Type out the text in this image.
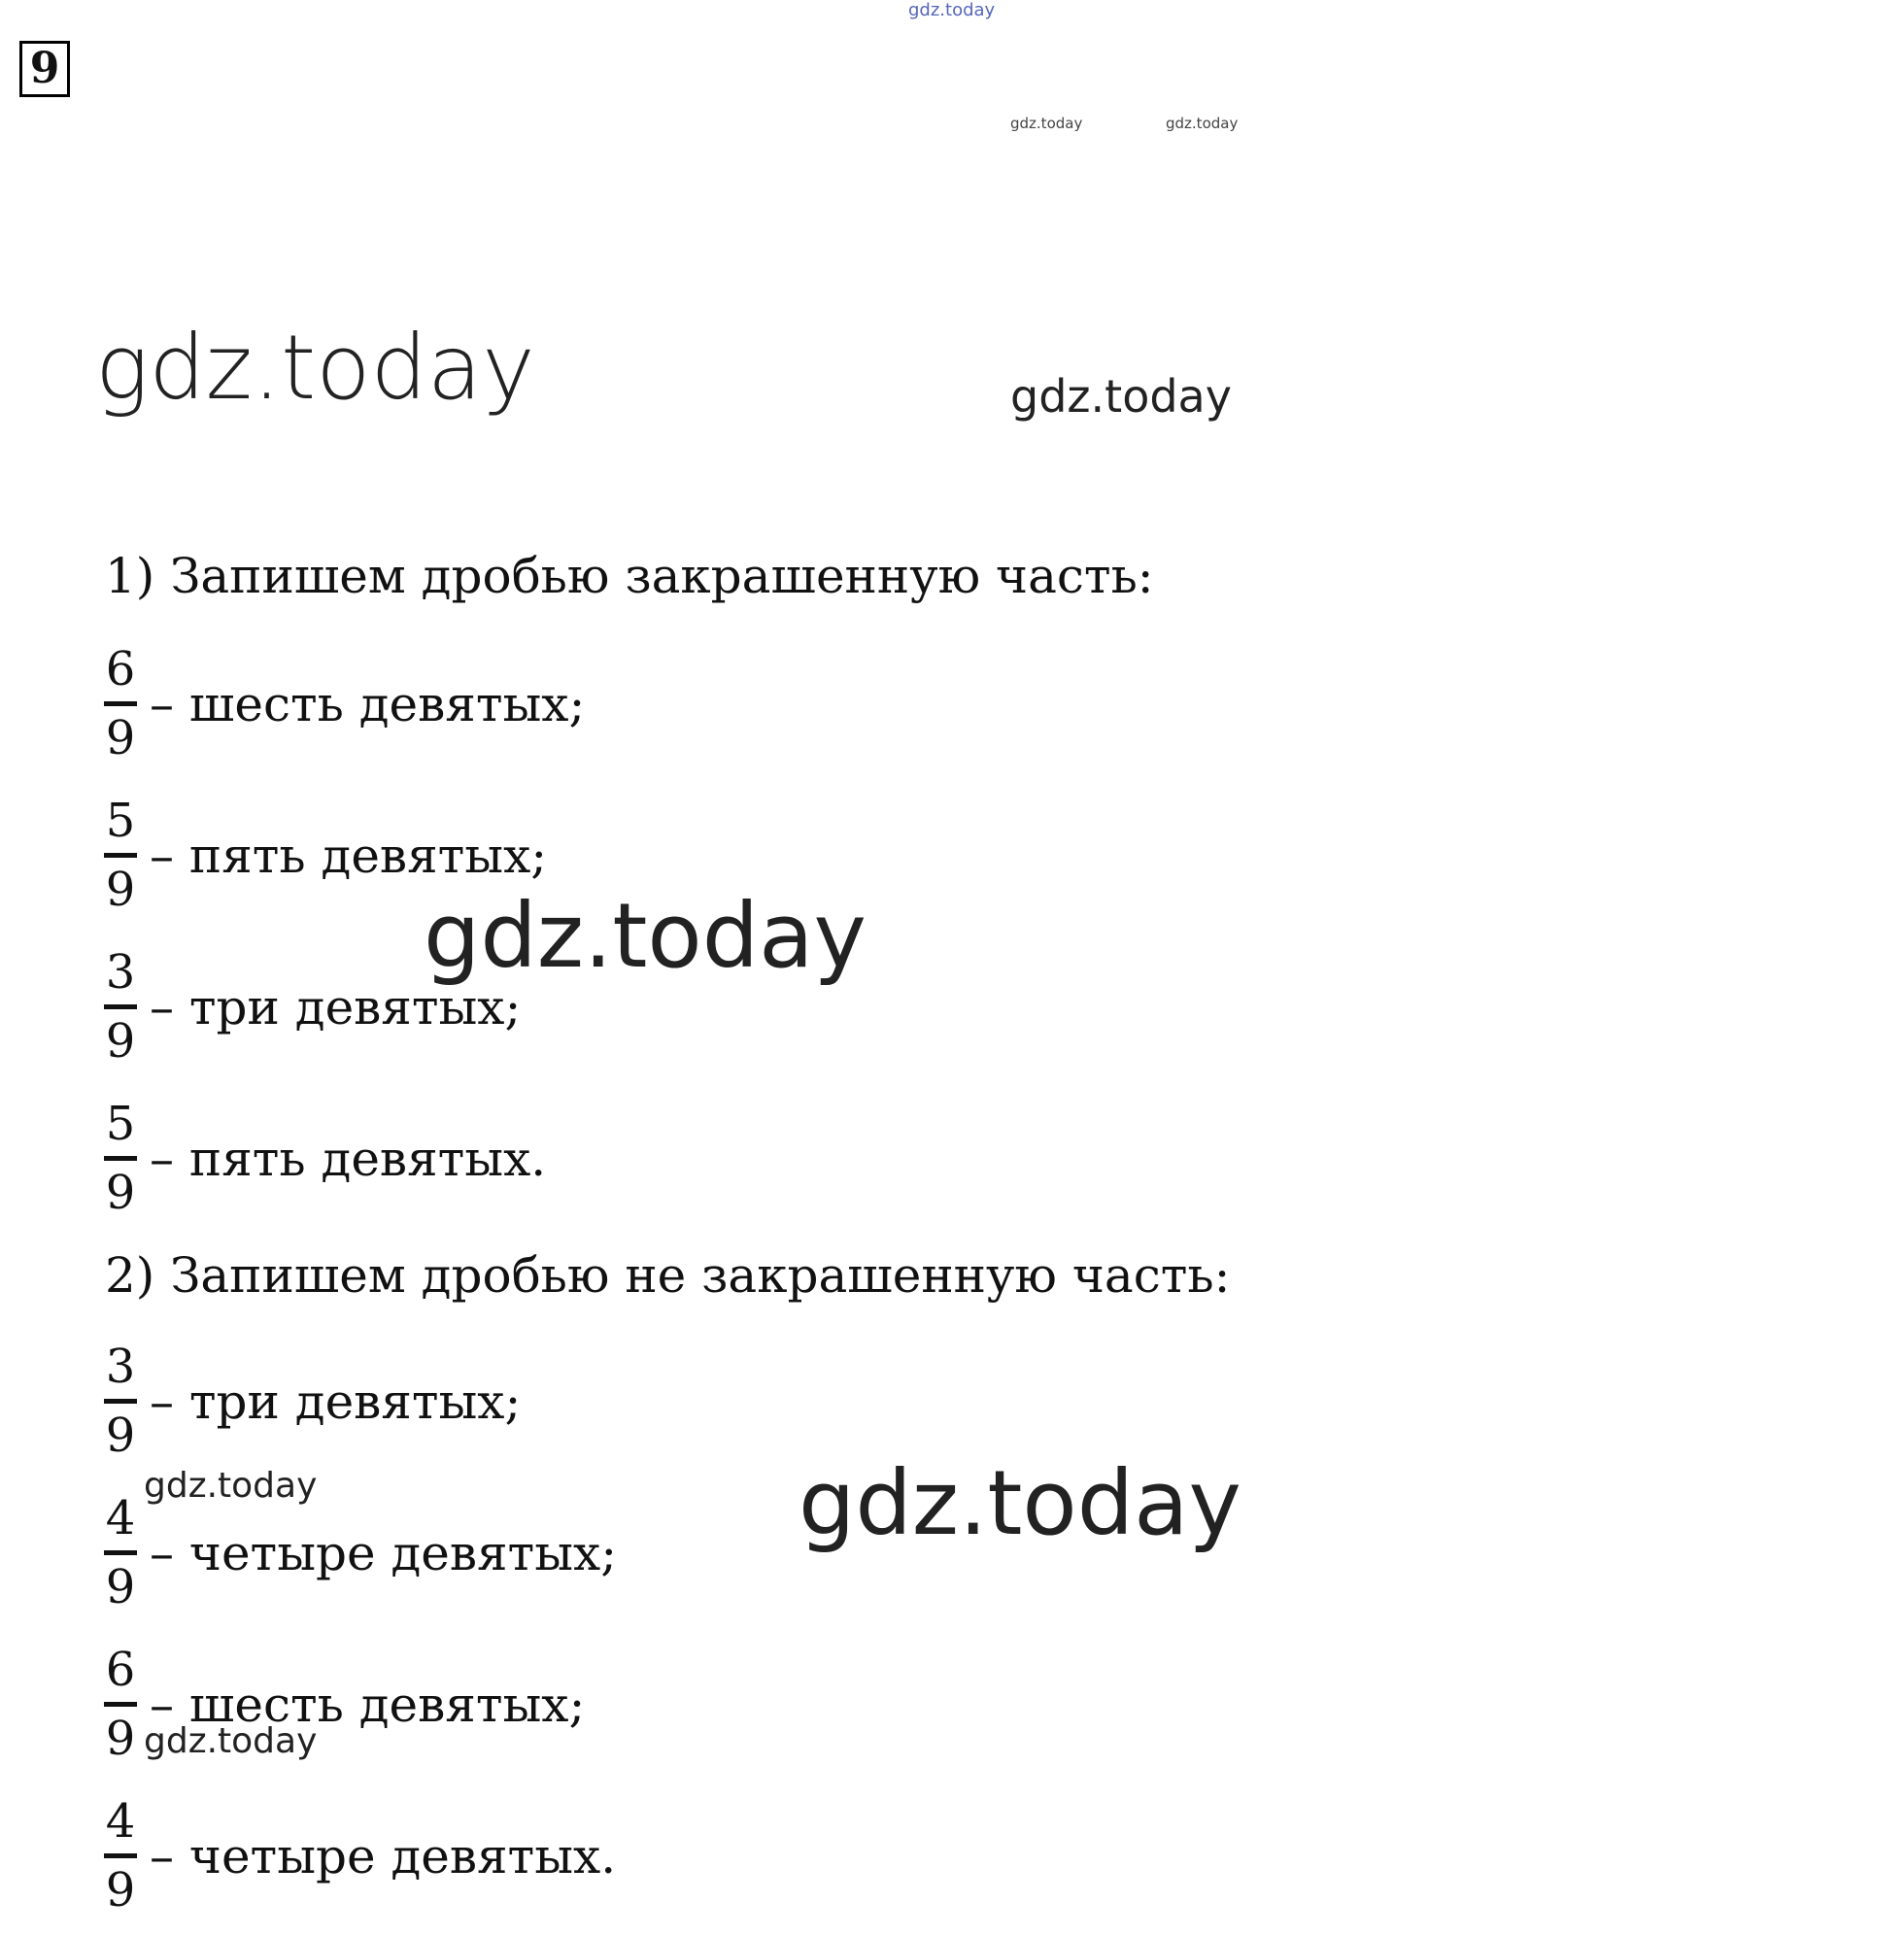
9
gdz.today
gdz.today	gdz.today
gdz.today	gdz.today
1) Запишем дробью закрашенную часть:
6
9
– шесть девятых;
5
9
– пять девятых;
3
9
– три девятых;
5
9
– пять девятых.
gdz.today
2) Запишем дробью не закрашенную часть:
3
9
– три девятых;
4
9
– четыре девятых;
6
9
– шесть девятых;
4
9
– четыре девятых.
gdz.today
gdz.today
gdz.today
